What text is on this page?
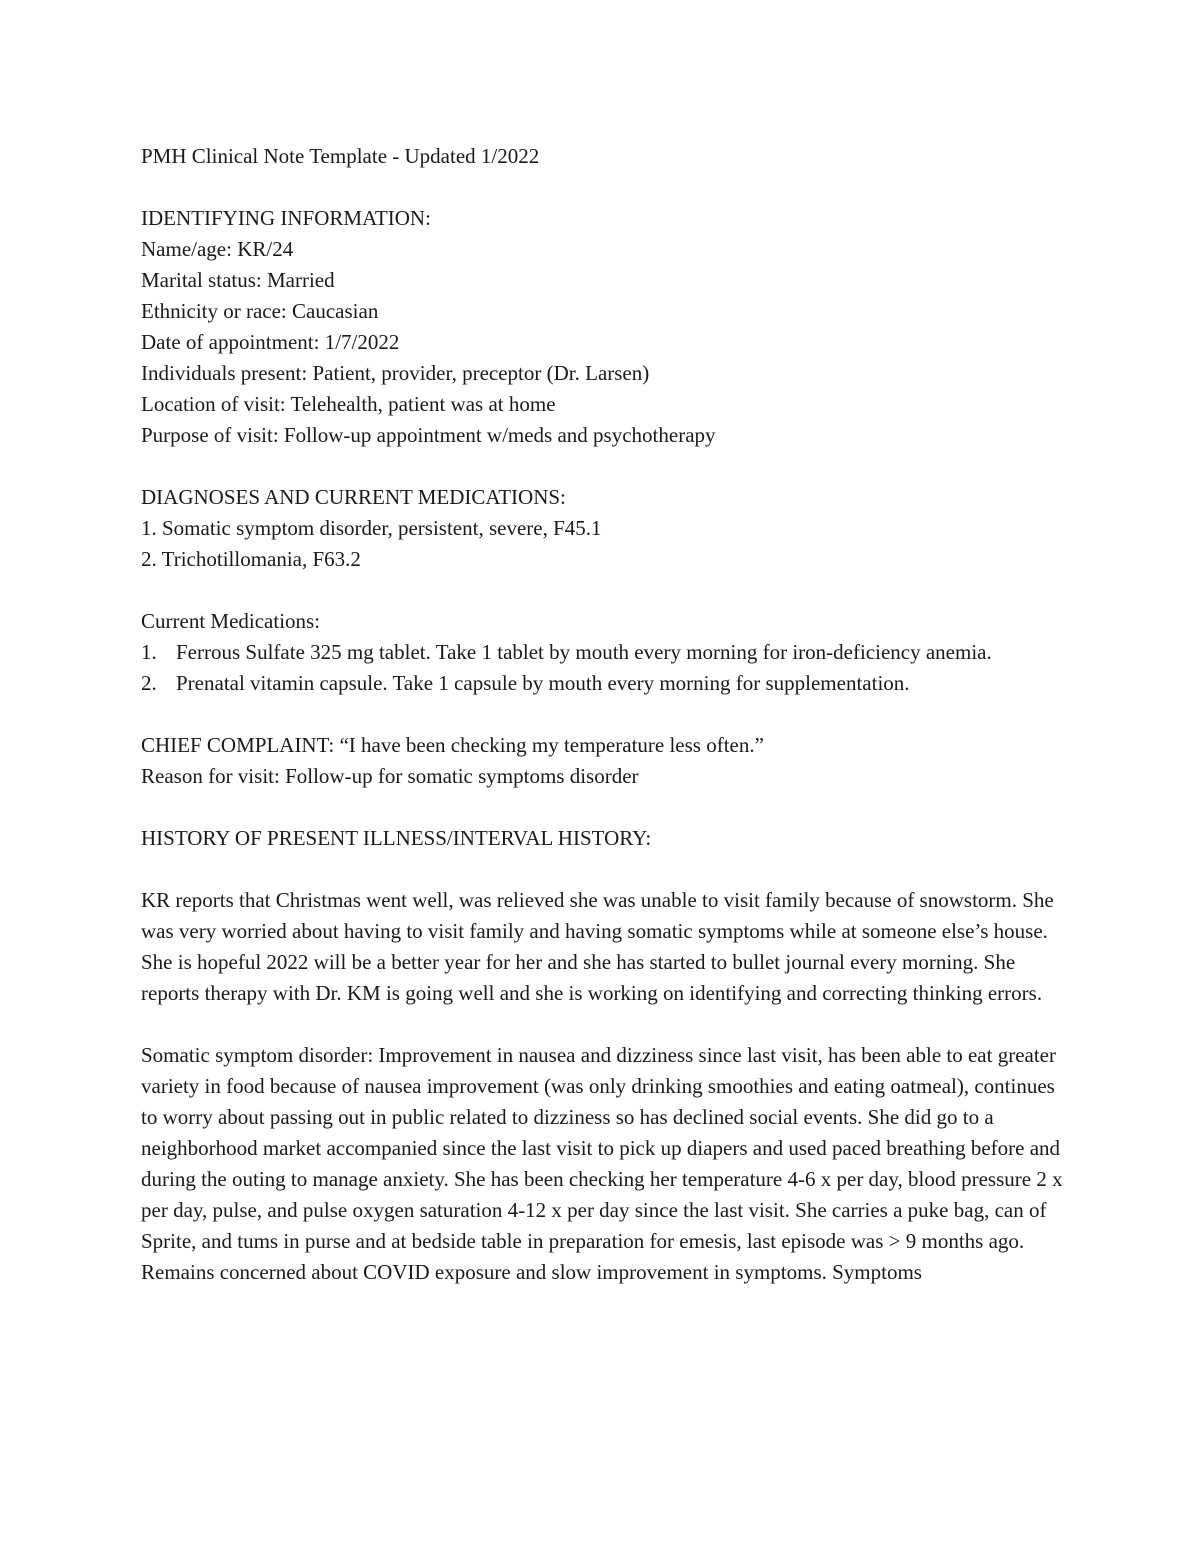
PMH Clinical Note Template - Updated 1/2022

IDENTIFYING INFORMATION:

Name/age: KR/24

Marital status: Married

Ethnicity or race: Caucasian

Date of appointment: 1/7/2022

Individuals present: Patient, provider, preceptor (Dr. Larsen)

Location of visit: Telehealth, patient was at home

Purpose of visit: Follow-up appointment w/meds and psychotherapy

DIAGNOSES AND CURRENT MEDICATIONS:

1. Somatic symptom disorder, persistent, severe, F45.1

2. Trichotillomania, F63.2

Current Medications:

1. Ferrous Sulfate 325 mg tablet. Take 1 tablet by mouth every morning for iron-deficiency anemia.
2. Prenatal vitamin capsule. Take 1 capsule by mouth every morning for supplementation.

CHIEF COMPLAINT: “I have been checking my temperature less often.”

Reason for visit: Follow-up for somatic symptoms disorder

HISTORY OF PRESENT ILLNESS/INTERVAL HISTORY:

KR reports that Christmas went well, was relieved she was unable to visit family because of snowstorm. She was very worried about having to visit family and having somatic symptoms while at someone else’s house. She is hopeful 2022 will be a better year for her and she has started to bullet journal every morning. She reports therapy with Dr. KM is going well and she is working on identifying and correcting thinking errors.

Somatic symptom disorder: Improvement in nausea and dizziness since last visit, has been able to eat greater variety in food because of nausea improvement (was only drinking smoothies and eating oatmeal), continues to worry about passing out in public related to dizziness so has declined social events. She did go to a neighborhood market accompanied since the last visit to pick up diapers and used paced breathing before and during the outing to manage anxiety. She has been checking her temperature 4-6 x per day, blood pressure 2 x per day, pulse, and pulse oxygen saturation 4-12 x per day since the last visit. She carries a puke bag, can of Sprite, and tums in purse and at bedside table in preparation for emesis, last episode was > 9 months ago. Remains concerned about COVID exposure and slow improvement in symptoms. Symptoms
